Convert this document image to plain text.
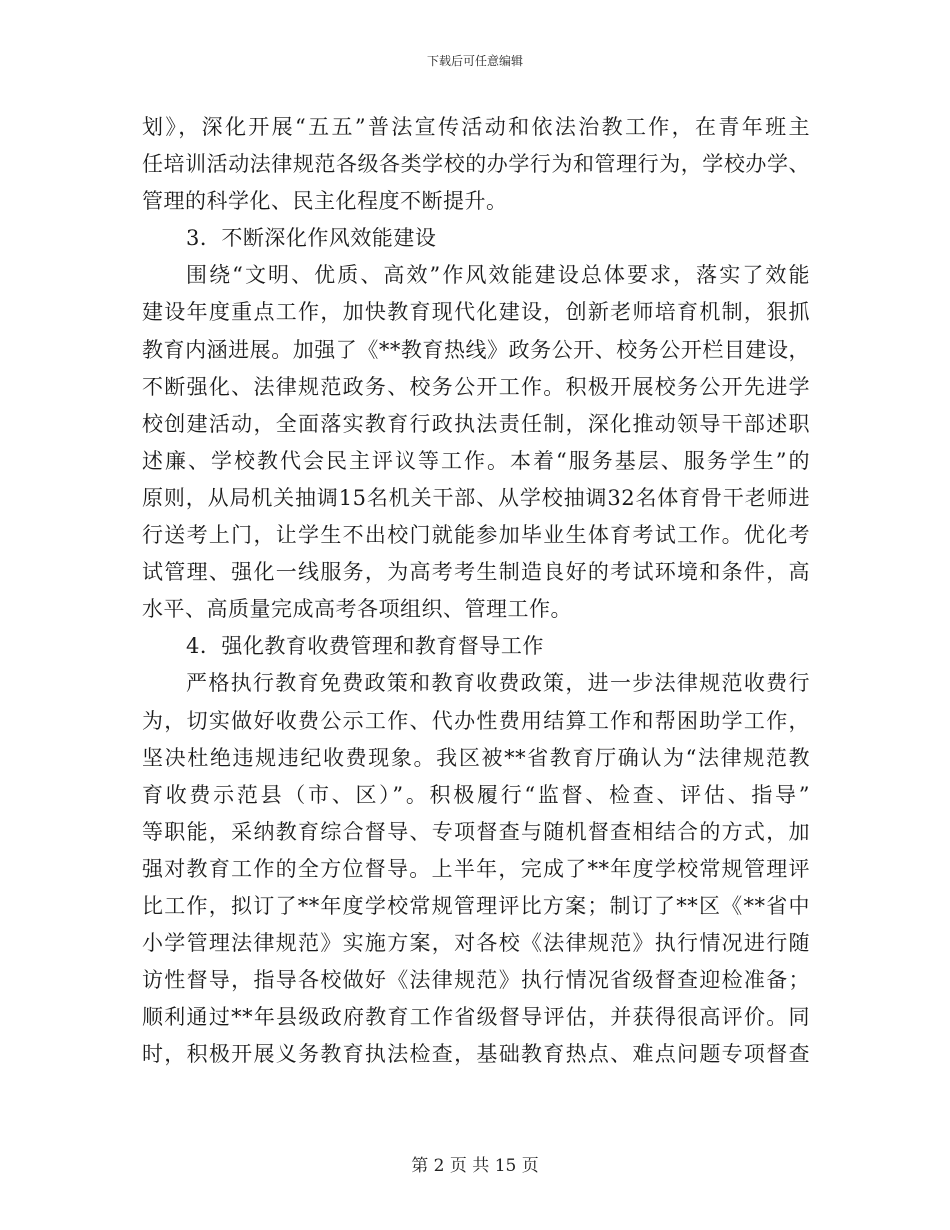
下载后可任意编辑
划》，深化开展“五五”普法宣传活动和依法治教工作，在青年班主
任培训活动法律规范各级各类学校的办学行为和管理行为，学校办学、
管理的科学化、民主化程度不断提升。
3．不断深化作风效能建设
围绕“文明、优质、高效”作风效能建设总体要求，落实了效能
建设年度重点工作，加快教育现代化建设，创新老师培育机制，狠抓
教育内涵进展。加强了《**教育热线》政务公开、校务公开栏目建设，
不断强化、法律规范政务、校务公开工作。积极开展校务公开先进学
校创建活动，全面落实教育行政执法责任制，深化推动领导干部述职
述廉、学校教代会民主评议等工作。本着“服务基层、服务学生”的
原则，从局机关抽调15名机关干部、从学校抽调32名体育骨干老师进
行送考上门，让学生不出校门就能参加毕业生体育考试工作。优化考
试管理、强化一线服务，为高考考生制造良好的考试环境和条件，高
水平、高质量完成高考各项组织、管理工作。
4．强化教育收费管理和教育督导工作
严格执行教育免费政策和教育收费政策，进一步法律规范收费行
为，切实做好收费公示工作、代办性费用结算工作和帮困助学工作，
坚决杜绝违规违纪收费现象。我区被**省教育厅确认为“法律规范教
育收费示范县（市、区）”。积极履行“监督、检查、评估、指导”
等职能，采纳教育综合督导、专项督查与随机督查相结合的方式，加
强对教育工作的全方位督导。上半年，完成了**年度学校常规管理评
比工作，拟订了**年度学校常规管理评比方案；制订了**区《**省中
小学管理法律规范》实施方案，对各校《法律规范》执行情况进行随
访性督导，指导各校做好《法律规范》执行情况省级督查迎检准备；
顺利通过**年县级政府教育工作省级督导评估，并获得很高评价。同
时，积极开展义务教育执法检查，基础教育热点、难点问题专项督查
第 2 页 共 15 页
